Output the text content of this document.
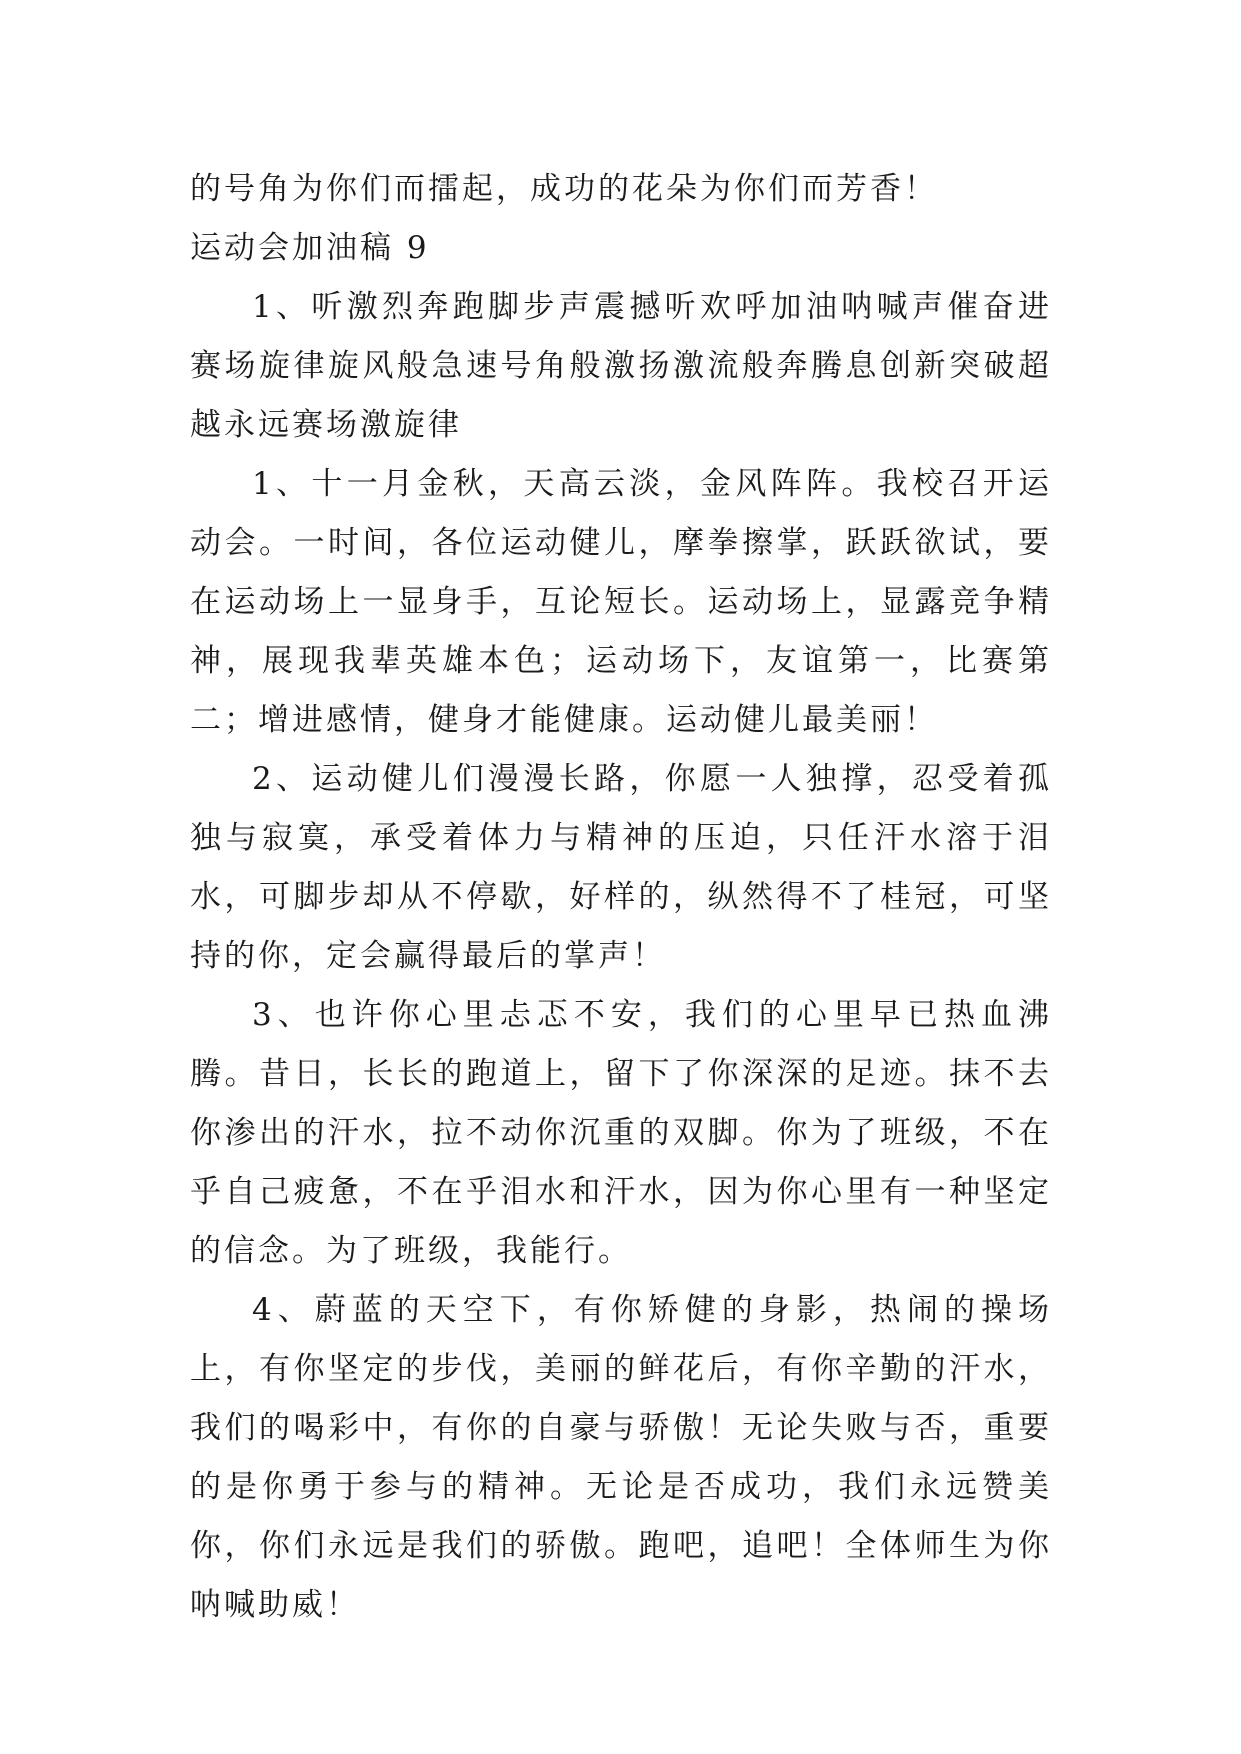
的号角为你们而擂起，成功的花朵为你们而芳香！

运动会加油稿 9

1、听激烈奔跑脚步声震撼听欢呼加油呐喊声催奋进赛场旋律旋风般急速号角般激扬激流般奔腾息创新突破超越永远赛场激旋律

1、十一月金秋，天高云淡，金风阵阵。我校召开运动会。一时间，各位运动健儿，摩拳擦掌，跃跃欲试，要在运动场上一显身手，互论短长。运动场上，显露竞争精神，展现我辈英雄本色；运动场下，友谊第一，比赛第二；增进感情，健身才能健康。运动健儿最美丽！

2、运动健儿们漫漫长路，你愿一人独撑，忍受着孤独与寂寞，承受着体力与精神的压迫，只任汗水溶于泪水，可脚步却从不停歇，好样的，纵然得不了桂冠，可坚持的你，定会赢得最后的掌声！

3、也许你心里忐忑不安，我们的心里早已热血沸腾。昔日，长长的跑道上，留下了你深深的足迹。抹不去你渗出的汗水，拉不动你沉重的双脚。你为了班级，不在乎自己疲惫，不在乎泪水和汗水，因为你心里有一种坚定的信念。为了班级，我能行。

4、蔚蓝的天空下，有你矫健的身影，热闹的操场上，有你坚定的步伐，美丽的鲜花后，有你辛勤的汗水，我们的喝彩中，有你的自豪与骄傲！无论失败与否，重要的是你勇于参与的精神。无论是否成功，我们永远赞美你，你们永远是我们的骄傲。跑吧，追吧！全体师生为你呐喊助威！
